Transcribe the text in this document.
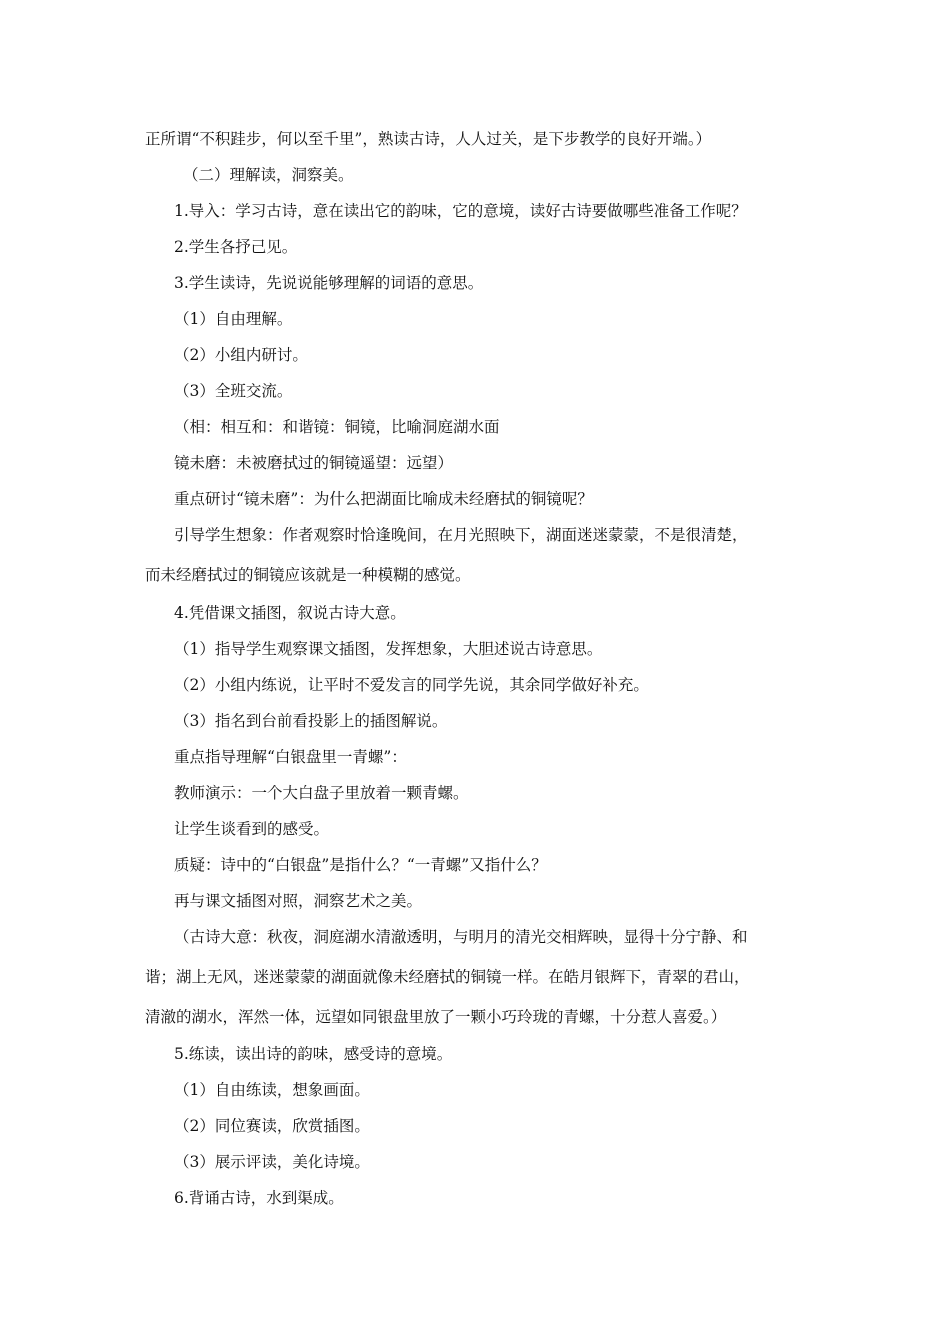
正所谓“不积跬步，何以至千里”，熟读古诗，人人过关，是下步教学的良好开端。）
（二）理解读，洞察美。
1.导入：学习古诗，意在读出它的韵味，它的意境，读好古诗要做哪些准备工作呢？
2.学生各抒己见。
3.学生读诗，先说说能够理解的词语的意思。
（1）自由理解。
（2）小组内研讨。
（3）全班交流。
（相：相互和：和谐镜：铜镜，比喻洞庭湖水面
镜未磨：未被磨拭过的铜镜遥望：远望）
重点研讨“镜未磨”：为什么把湖面比喻成未经磨拭的铜镜呢？
引导学生想象：作者观察时恰逢晚间，在月光照映下，湖面迷迷蒙蒙，不是很清楚，
而未经磨拭过的铜镜应该就是一种模糊的感觉。
4.凭借课文插图，叙说古诗大意。
（1）指导学生观察课文插图，发挥想象，大胆述说古诗意思。
（2）小组内练说，让平时不爱发言的同学先说，其余同学做好补充。
（3）指名到台前看投影上的插图解说。
重点指导理解“白银盘里一青螺”：
教师演示：一个大白盘子里放着一颗青螺。
让学生谈看到的感受。
质疑：诗中的“白银盘”是指什么？“一青螺”又指什么？
再与课文插图对照，洞察艺术之美。
（古诗大意：秋夜，洞庭湖水清澈透明，与明月的清光交相辉映，显得十分宁静、和
谐；湖上无风，迷迷蒙蒙的湖面就像未经磨拭的铜镜一样。在皓月银辉下，青翠的君山，
清澈的湖水，浑然一体，远望如同银盘里放了一颗小巧玲珑的青螺，十分惹人喜爱。）
5.练读，读出诗的韵味，感受诗的意境。
（1）自由练读，想象画面。
（2）同位赛读，欣赏插图。
（3）展示评读，美化诗境。
6.背诵古诗，水到渠成。
